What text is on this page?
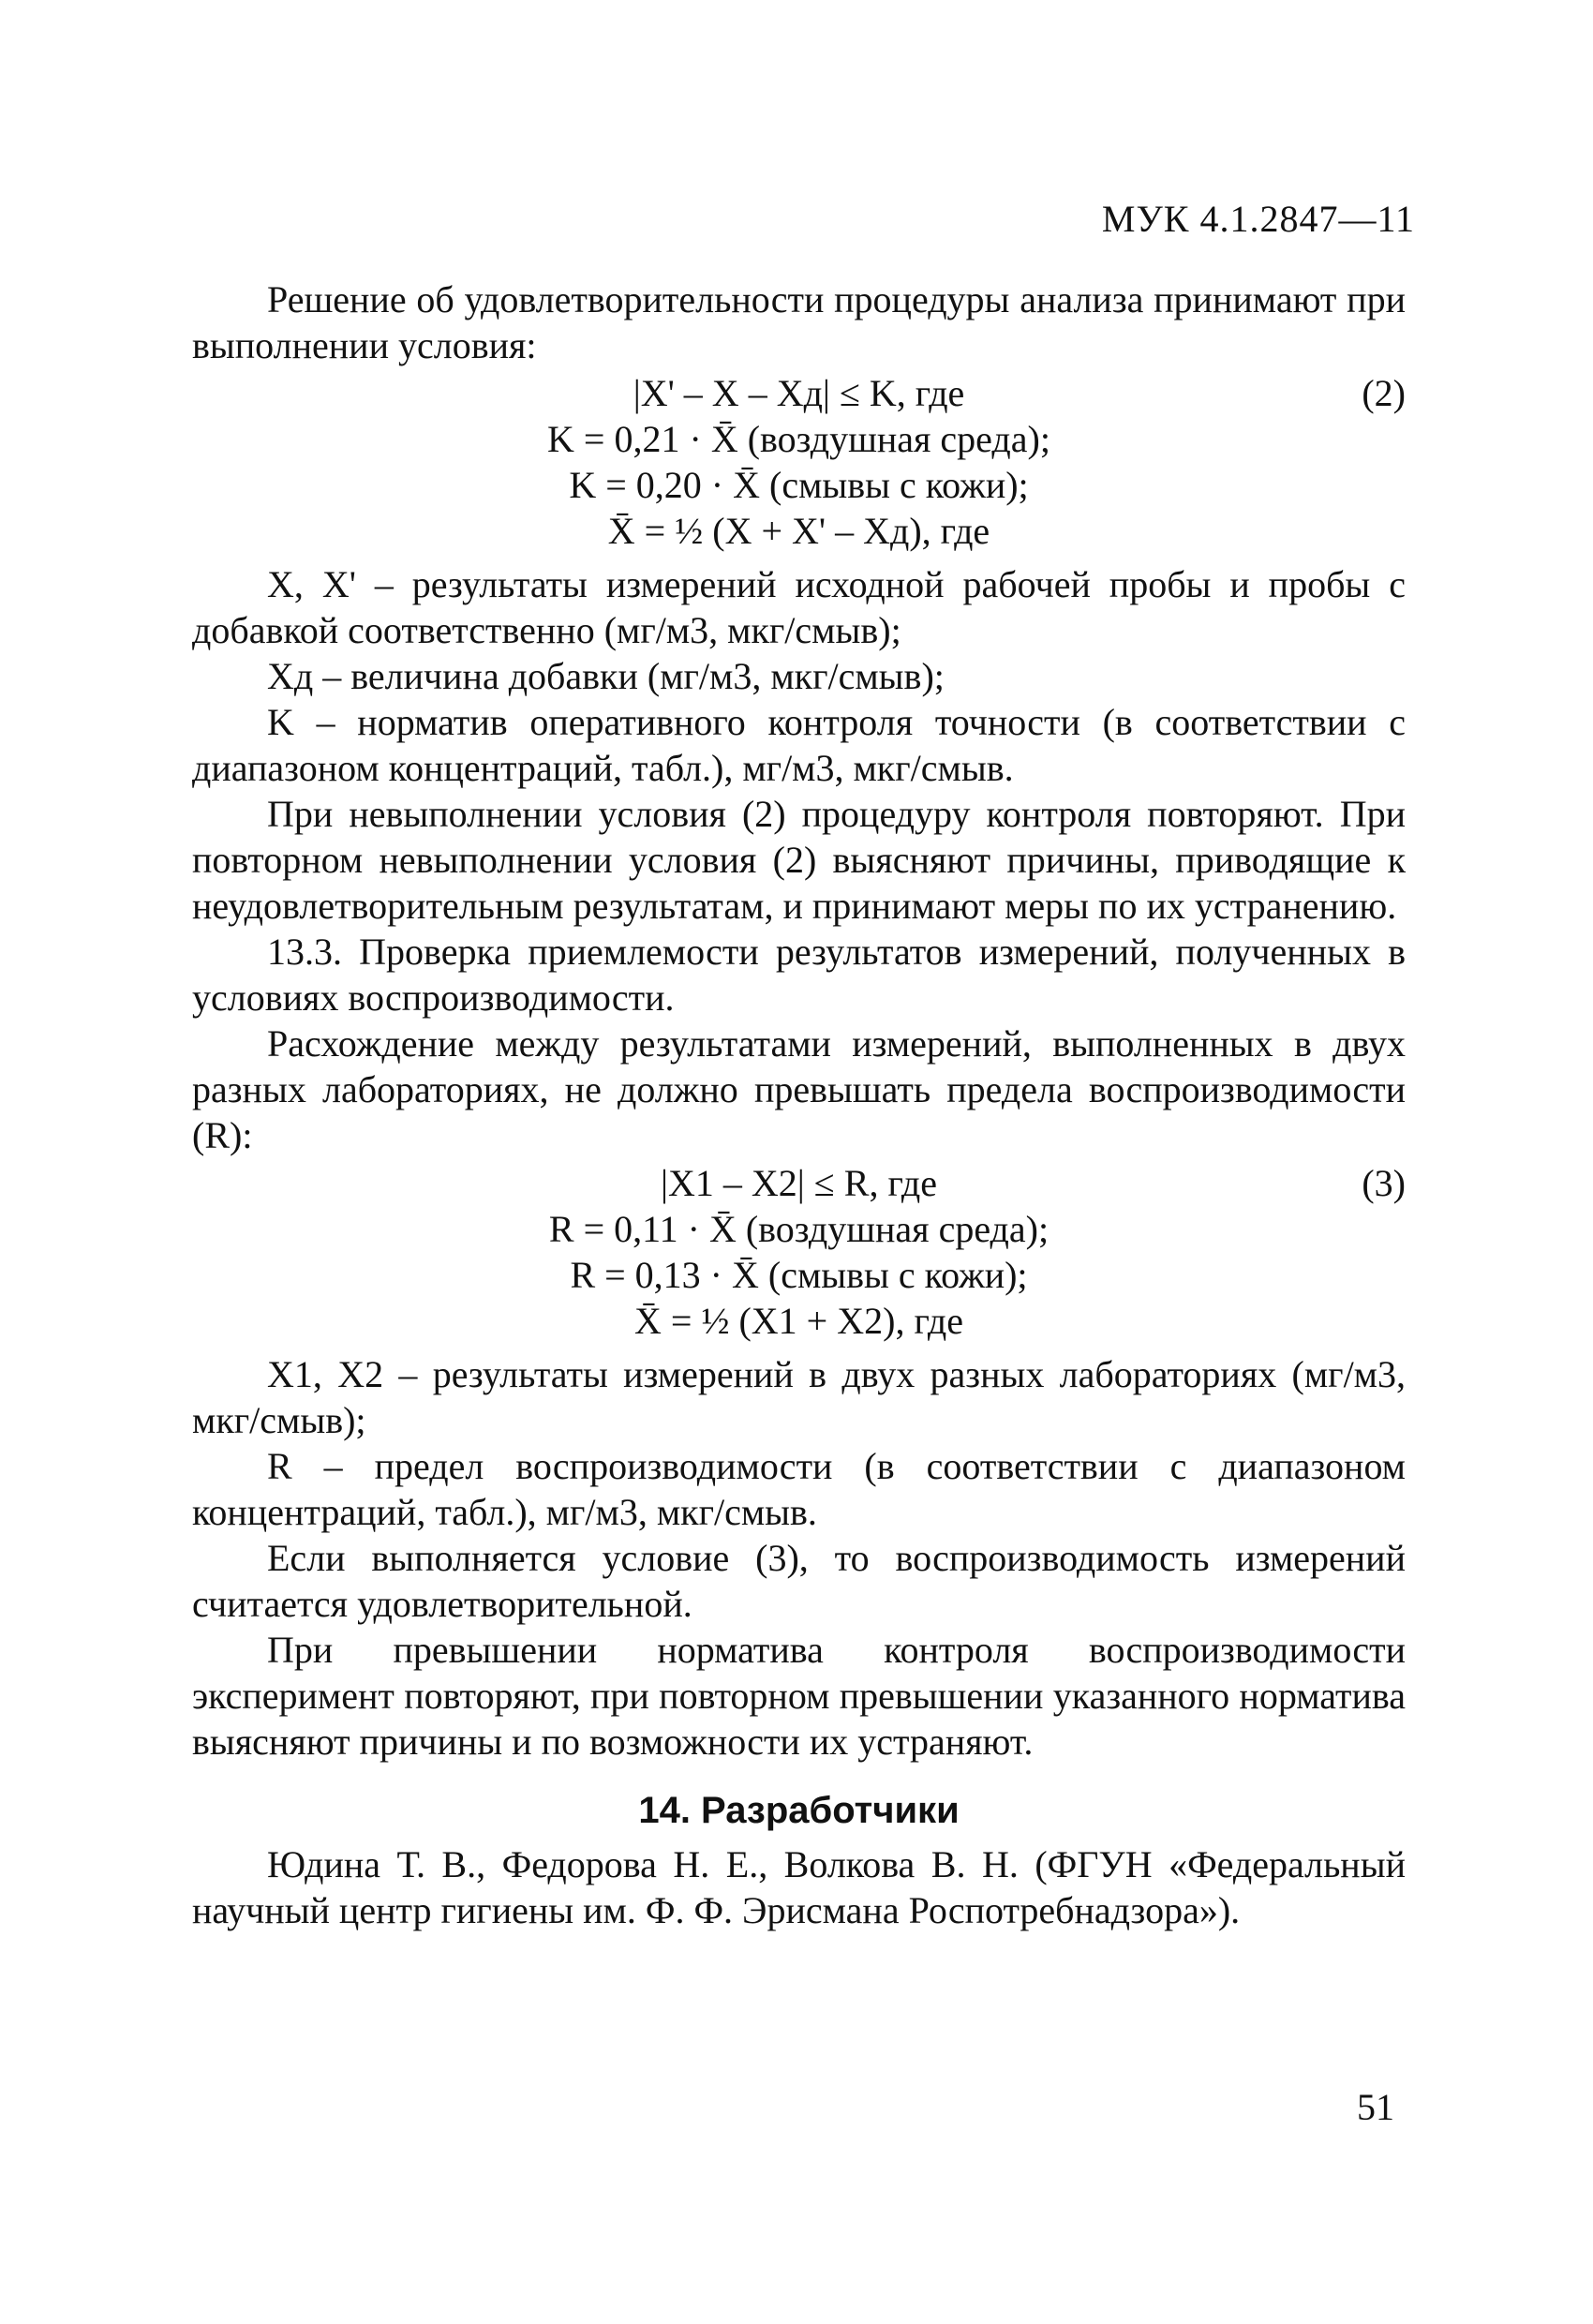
МУК 4.1.2847—11

Решение об удовлетворительности процедуры анализа принимают при выполнении условия:

|X' – X – Xд| ≤ K, где	(2)
K = 0,21 · X̄ (воздушная среда);
K = 0,20 · X̄ (смывы с кожи);
X̄ = ½ (X + X' – Xд), где

X, X' – результаты измерений исходной рабочей пробы и пробы с добавкой соответственно (мг/м3, мкг/смыв);

Xд – величина добавки (мг/м3, мкг/смыв);

K – норматив оперативного контроля точности (в соответствии с диапазоном концентраций, табл.), мг/м3, мкг/смыв.

При невыполнении условия (2) процедуру контроля повторяют. При повторном невыполнении условия (2) выясняют причины, приводящие к неудовлетворительным результатам, и принимают меры по их устранению.

13.3. Проверка приемлемости результатов измерений, полученных в условиях воспроизводимости.

Расхождение между результатами измерений, выполненных в двух разных лабораториях, не должно превышать предела воспроизводимости (R):

|X1 – X2| ≤ R, где	(3)
R = 0,11 · X̄ (воздушная среда);
R = 0,13 · X̄ (смывы с кожи);
X̄ = ½ (X1 + X2), где

X1, X2 – результаты измерений в двух разных лабораториях (мг/м3, мкг/смыв);

R – предел воспроизводимости (в соответствии с диапазоном концентраций, табл.), мг/м3, мкг/смыв.

Если выполняется условие (3), то воспроизводимость измерений считается удовлетворительной.

При превышении норматива контроля воспроизводимости эксперимент повторяют, при повторном превышении указанного норматива выясняют причины и по возможности их устраняют.

14. Разработчики

Юдина Т. В., Федорова Н. Е., Волкова В. Н. (ФГУН «Федеральный научный центр гигиены им. Ф. Ф. Эрисмана Роспотребнадзора»).

51
